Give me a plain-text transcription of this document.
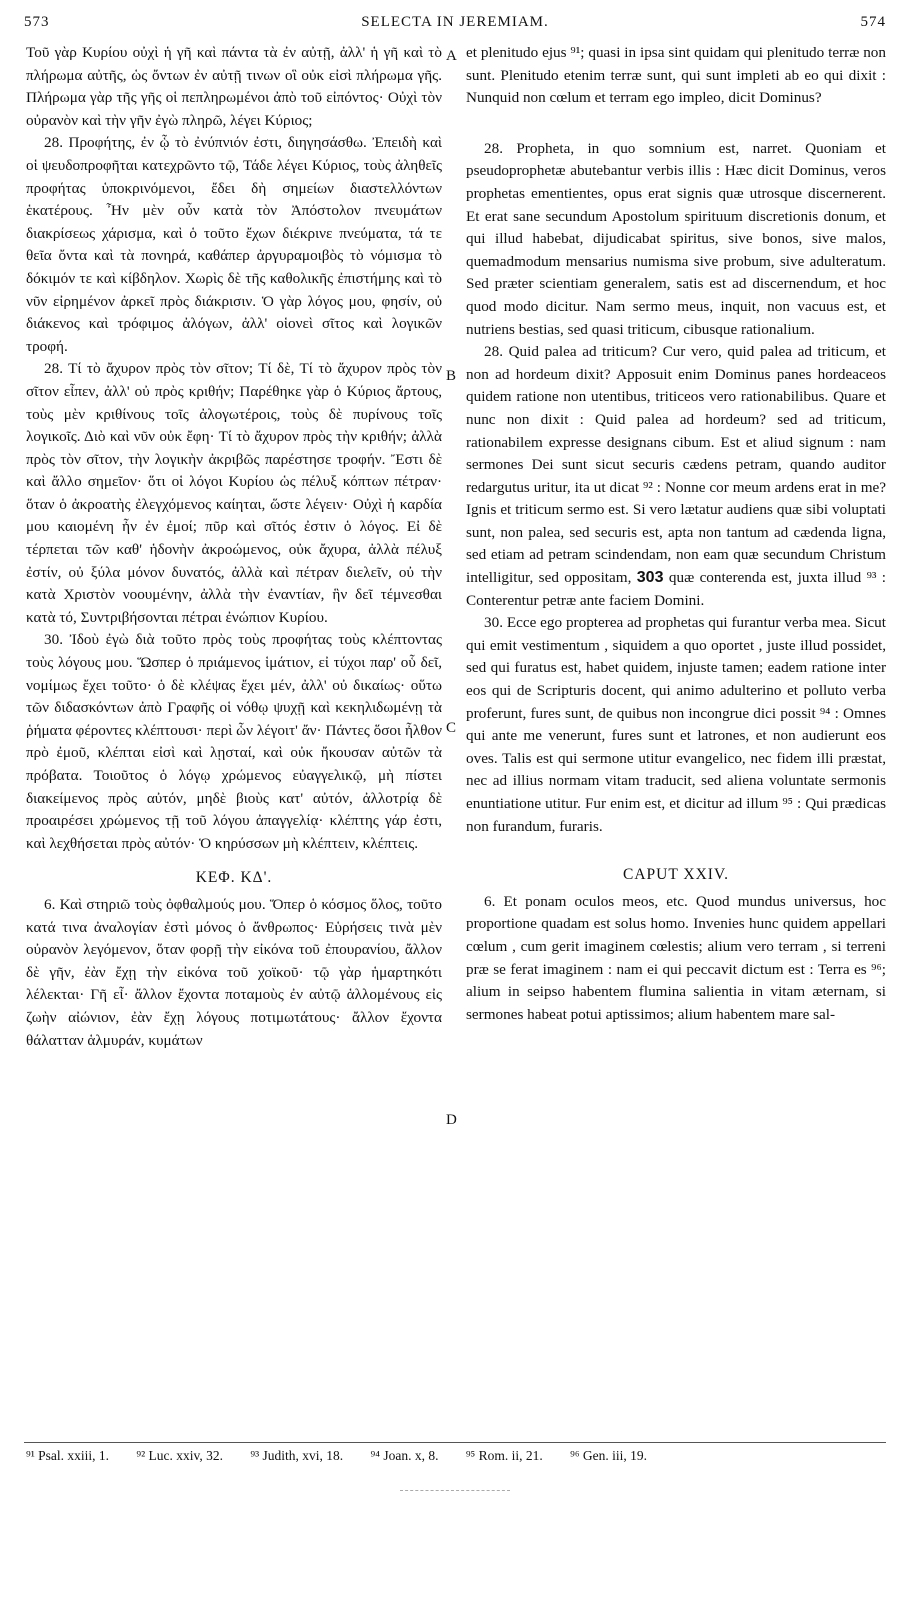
573	SELECTA IN JEREMIAM.	574

Τοῦ γὰρ Κυρίου οὐχὶ ἡ γῆ καὶ πάντα τὰ ἐν αὐτῇ, ἀλλ' ἡ γῆ καὶ τὸ πλήρωμα αὐτῆς, ὡς ὄντων ἐν αὐτῇ τινων οἳ οὐκ εἰσὶ πλήρωμα γῆς. Πλήρωμα γὰρ τῆς γῆς οἱ πεπληρωμένοι ἀπὸ τοῦ εἰπόντος· Οὐχὶ τὸν οὐρανὸν καὶ τὴν γῆν ἐγὼ πληρῶ, λέγει Κύριος;

28. Προφήτης, ἐν ᾧ τὸ ἐνύπνιόν ἐστι, διηγησάσθω. Ἐπειδὴ καὶ οἱ ψευδοπροφῆται κατεχρῶντο τῷ, Τάδε λέγει Κύριος, τοὺς ἀληθεῖς προφήτας ὑποκρινόμενοι, ἔδει δὴ σημείων διαστελλόντων ἑκατέρους. Ἦν μὲν οὖν κατὰ τὸν Ἀπόστολον πνευμάτων διακρίσεως χάρισμα, καὶ ὁ τοῦτο ἔχων διέκρινε πνεύματα, τά τε θεῖα ὄντα καὶ τὰ πονηρά, καθάπερ ἀργυραμοιβὸς τὸ νόμισμα τὸ δόκιμόν τε καὶ κίβδηλον. Χωρὶς δὲ τῆς καθολικῆς ἐπιστήμης καὶ τὸ νῦν εἰρημένον ἀρκεῖ πρὸς διάκρισιν. Ὁ γὰρ λόγος μου, φησίν, οὐ διάκενος καὶ τρόφιμος ἀλόγων, ἀλλ' οἱονεὶ σῖτος καὶ λογικῶν τροφή.

28. Τί τὸ ἄχυρον πρὸς τὸν σῖτον; Τί δὲ, Τί τὸ ἄχυρον πρὸς τὸν σῖτον εἶπεν, ἀλλ' οὐ πρὸς κριθήν; Παρέθηκε γὰρ ὁ Κύριος ἄρτους, τοὺς μὲν κριθίνους τοῖς ἀλογωτέροις, τοὺς δὲ πυρίνους τοῖς λογικοῖς. Διὸ καὶ νῦν οὐκ ἔφη· Τί τὸ ἄχυρον πρὸς τὴν κριθήν; ἀλλὰ πρὸς τὸν σῖτον, τὴν λογικὴν ἀκριβῶς παρέστησε τροφήν. Ἔστι δὲ καὶ ἄλλο σημεῖον· ὅτι οἱ λόγοι Κυρίου ὡς πέλυξ κόπτων πέτραν· ὅταν ὁ ἀκροατὴς ἐλεγχόμενος καίηται, ὥστε λέγειν· Οὐχὶ ἡ καρδία μου καιομένη ἦν ἐν ἐμοί; πῦρ καὶ σῖτός ἐστιν ὁ λόγος. Εἰ δὲ τέρπεται τῶν καθ' ἡδονὴν ἀκροώμενος, οὐκ ἄχυρα, ἀλλὰ πέλυξ ἐστίν, οὐ ξύλα μόνον δυνατός, ἀλλὰ καὶ πέτραν διελεῖν, οὐ τὴν κατὰ Χριστὸν νοουμένην, ἀλλὰ τὴν ἐναντίαν, ἣν δεῖ τέμνεσθαι κατὰ τό, Συντριβήσονται πέτραι ἐνώπιον Κυρίου.

30. Ἰδοὺ ἐγὼ διὰ τοῦτο πρὸς τοὺς προφήτας τοὺς κλέπτοντας τοὺς λόγους μου. Ὥσπερ ὁ πριάμενος ἱμάτιον, εἰ τύχοι παρ' οὗ δεῖ, νομίμως ἔχει τοῦτο· ὁ δὲ κλέψας ἔχει μέν, ἀλλ' οὐ δικαίως· οὕτω τῶν διδασκόντων ἀπὸ Γραφῆς οἱ νόθῳ ψυχῇ καὶ κεκηλιδωμένῃ τὰ ῥήματα φέροντες κλέπτουσι· περὶ ὧν λέγοιτ' ἄν· Πάντες ὅσοι ἦλθον πρὸ ἐμοῦ, κλέπται εἰσὶ καὶ λῃσταί, καὶ οὐκ ἤκουσαν αὐτῶν τὰ πρόβατα. Τοιοῦτος ὁ λόγῳ χρώμενος εὐαγγελικῷ, μὴ πίστει διακείμενος πρὸς αὐτόν, μηδὲ βιοὺς κατ' αὐτόν, ἀλλοτρίᾳ δὲ προαιρέσει χρώμενος τῇ τοῦ λόγου ἀπαγγελίᾳ· κλέπτης γάρ ἐστι, καὶ λεχθήσεται πρὸς αὐτόν· Ὁ κηρύσσων μὴ κλέπτειν, κλέπτεις.

ΚΕΦ. ΚΔ'.

6. Καὶ στηριῶ τοὺς ὀφθαλμούς μου. Ὅπερ ὁ κόσμος ὅλος, τοῦτο κατά τινα ἀναλογίαν ἐστὶ μόνος ὁ ἄνθρωπος· Εὑρήσεις τινὰ μὲν οὐρανὸν λεγόμενον, ὅταν φορῇ τὴν εἰκόνα τοῦ ἐπουρανίου, ἄλλον δὲ γῆν, ἐὰν ἔχῃ τὴν εἰκόνα τοῦ χοϊκοῦ· τῷ γὰρ ἡμαρτηκότι λέλεκται· Γῆ εἶ· ἄλλον ἔχοντα ποταμοὺς ἐν αὐτῷ ἁλλομένους εἰς ζωὴν αἰώνιον, ἐὰν ἔχῃ λόγους ποτιμωτάτους· ἄλλον ἔχοντα θάλατταν ἁλμυράν, κυμάτων

A
B
C
D

et plenitudo ejus ⁹¹; quasi in ipsa sint quidam qui plenitudo terræ non sunt. Plenitudo etenim terræ sunt, qui sunt impleti ab eo qui dixit : Nunquid non cœlum et terram ego impleo, dicit Dominus?

28. Propheta, in quo somnium est, narret. Quoniam et pseudoprophetæ abutebantur verbis illis : Hæc dicit Dominus, veros prophetas ementientes, opus erat signis quæ utrosque discernerent. Et erat sane secundum Apostolum spirituum discretionis donum, et qui illud habebat, dijudicabat spiritus, sive bonos, sive malos, quemadmodum mensarius numisma sive probum, sive adulteratum. Sed præter scientiam generalem, satis est ad discernendum, et hoc quod modo dicitur. Nam sermo meus, inquit, non vacuus est, et nutriens bestias, sed quasi triticum, cibusque rationalium.

28. Quid palea ad triticum? Cur vero, quid palea ad triticum, et non ad hordeum dixit? Apposuit enim Dominus panes hordeaceos quidem ratione non utentibus, triticeos vero rationabilibus. Quare et nunc non dixit : Quid palea ad hordeum? sed ad triticum, rationabilem expresse designans cibum. Est et aliud signum : nam sermones Dei sunt sicut securis cædens petram, quando auditor redargutus uritur, ita ut dicat ⁹² : Nonne cor meum ardens erat in me? Ignis et triticum sermo est. Si vero lætatur audiens quæ sibi voluptati sunt, non palea, sed securis est, apta non tantum ad cædenda ligna, sed etiam ad petram scindendam, non eam quæ secundum Christum intelligitur, sed oppositam, 303 quæ conterenda est, juxta illud ⁹³ : Conterentur petræ ante faciem Domini.

30. Ecce ego propterea ad prophetas qui furantur verba mea. Sicut qui emit vestimentum , siquidem a quo oportet , juste illud possidet, sed qui furatus est, habet quidem, injuste tamen; eadem ratione inter eos qui de Scripturis docent, qui animo adulterino et polluto verba proferunt, fures sunt, de quibus non incongrue dici possit ⁹⁴ : Omnes qui ante me venerunt, fures sunt et latrones, et non audierunt eos oves. Talis est qui sermone utitur evangelico, nec fidem illi præstat, nec ad illius normam vitam traducit, sed aliena voluntate sermonis enuntiatione utitur. Fur enim est, et dicitur ad illum ⁹⁵ : Qui prædicas non furandum, furaris.

CAPUT XXIV.

6. Et ponam oculos meos, etc. Quod mundus universus, hoc proportione quadam est solus homo. Invenies hunc quidem appellari cœlum , cum gerit imaginem cœlestis; alium vero terram , si terreni præ se ferat imaginem : nam ei qui peccavit dictum est : Terra es ⁹⁶; alium in seipso habentem flumina salientia in vitam æternam, si sermones habeat potui aptissimos; alium habentem mare sal-

⁹¹ Psal. xxiii, 1. ⁹² Luc. xxiv, 32. ⁹³ Judith, xvi, 18. ⁹⁴ Joan. x, 8. ⁹⁵ Rom. ii, 21. ⁹⁶ Gen. iii, 19.
